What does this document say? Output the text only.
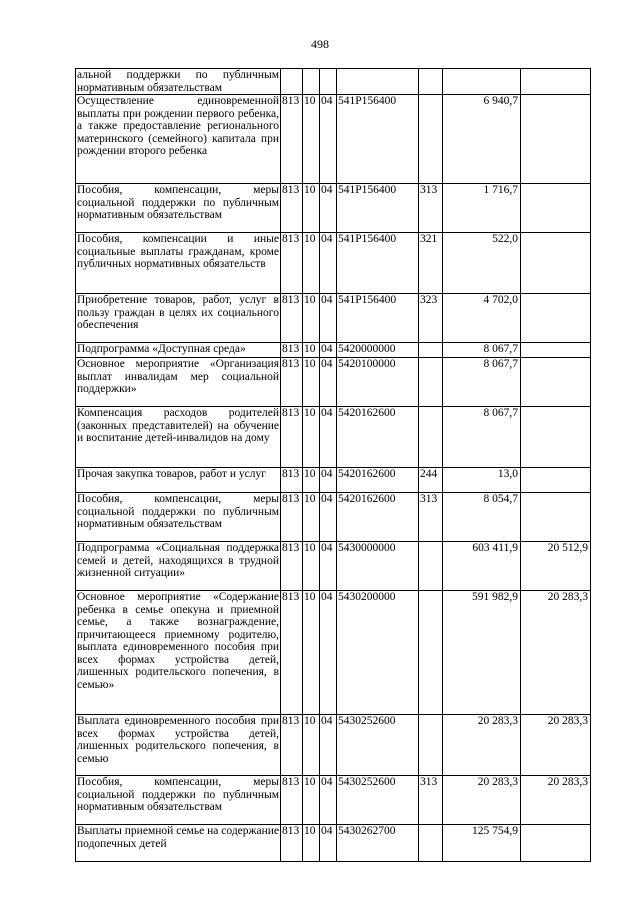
498
альной поддержки по публичным нормативным обязательствам							
Осуществление единовременной выплаты при рождении первого ребенка, а также предоставление регионального материнского (семейного) капитала при рождении второго ребенка	813	10	04	541P156400		6 940,7	
Пособия, компенсации, меры социальной поддержки по публичным нормативным обязательствам	813	10	04	541P156400	313	1 716,7	
Пособия, компенсации и иные социальные выплаты гражданам, кроме публичных нормативных обязательств	813	10	04	541P156400	321	522,0	
Приобретение товаров, работ, услуг в пользу граждан в целях их социального обеспечения	813	10	04	541P156400	323	4 702,0	
Подпрограмма «Доступная среда»	813	10	04	5420000000		8 067,7	
Основное мероприятие «Организация выплат инвалидам мер социальной поддержки»	813	10	04	5420100000		8 067,7	
Компенсация расходов родителей (законных представителей) на обучение и воспитание детей-инвалидов на дому	813	10	04	5420162600		8 067,7	
Прочая закупка товаров, работ и услуг	813	10	04	5420162600	244	13,0	
Пособия, компенсации, меры социальной поддержки по публичным нормативным обязательствам	813	10	04	5420162600	313	8 054,7	
Подпрограмма «Социальная поддержка семей и детей, находящихся в трудной жизненной ситуации»	813	10	04	5430000000		603 411,9	20 512,9
Основное мероприятие «Содержание ребенка в семье опекуна и приемной семье, а также вознаграждение, причитающееся приемному родителю, выплата единовременного пособия при всех формах устройства детей, лишенных родительского попечения, в семью»	813	10	04	5430200000		591 982,9	20 283,3
Выплата единовременного пособия при всех формах устройства детей, лишенных родительского попечения, в семью	813	10	04	5430252600		20 283,3	20 283,3
Пособия, компенсации, меры социальной поддержки по публичным нормативным обязательствам	813	10	04	5430252600	313	20 283,3	20 283,3
Выплаты приемной семье на содержание подопечных детей	813	10	04	5430262700		125 754,9	
